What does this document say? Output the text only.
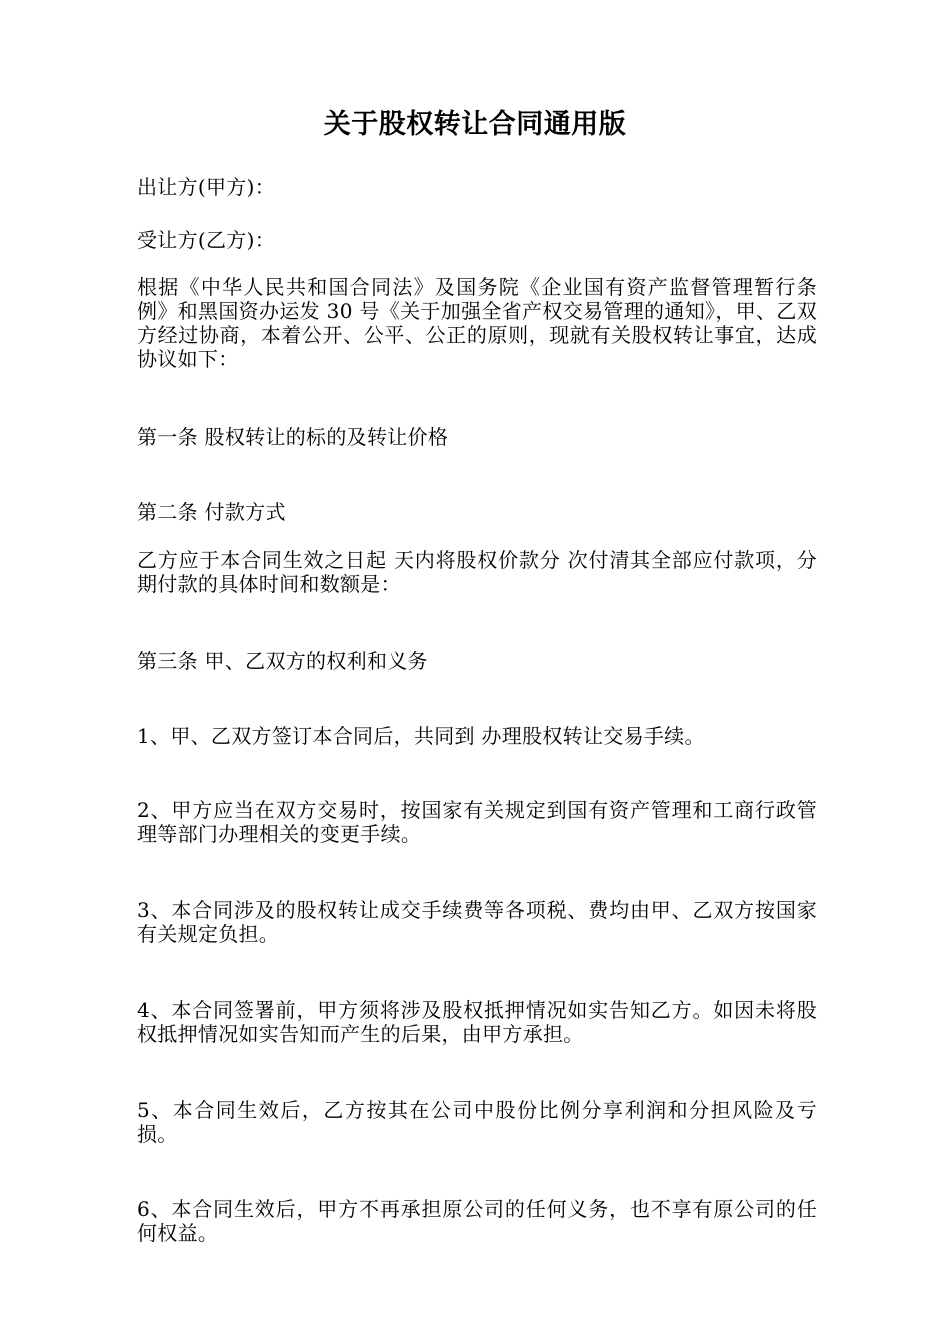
关于股权转让合同通用版
出让方(甲方)：
受让方(乙方)：
根据《中华人民共和国合同法》及国务院《企业国有资产监督管理暂行条例》和黑国资办运发 30 号《关于加强全省产权交易管理的通知》，甲、乙双方经过协商，本着公开、公平、公正的原则，现就有关股权转让事宜，达成协议如下：
第一条 股权转让的标的及转让价格
第二条 付款方式
乙方应于本合同生效之日起 天内将股权价款分 次付清其全部应付款项，分期付款的具体时间和数额是：
第三条 甲、乙双方的权利和义务
1、甲、乙双方签订本合同后，共同到 办理股权转让交易手续。
2、甲方应当在双方交易时，按国家有关规定到国有资产管理和工商行政管理等部门办理相关的变更手续。
3、本合同涉及的股权转让成交手续费等各项税、费均由甲、乙双方按国家有关规定负担。
4、本合同签署前，甲方须将涉及股权抵押情况如实告知乙方。如因未将股权抵押情况如实告知而产生的后果，由甲方承担。
5、本合同生效后，乙方按其在公司中股份比例分享利润和分担风险及亏损。
6、本合同生效后，甲方不再承担原公司的任何义务，也不享有原公司的任何权益。
